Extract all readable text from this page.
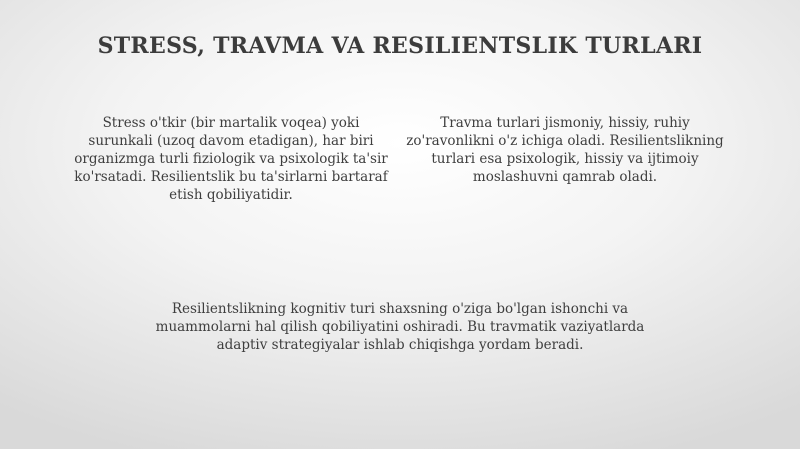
STRESS, TRAVMA VA RESILIENTSLIK TURLARI

Stress o'tkir (bir martalik voqea) yoki surunkali (uzoq davom etadigan), har biri organizmga turli fiziologik va psixologik ta'sir ko'rsatadi. Resilientslik bu ta'sirlarni bartaraf etish qobiliyatidir.

Travma turlari jismoniy, hissiy, ruhiy zo'ravonlikni o'z ichiga oladi. Resilientslikning turlari esa psixologik, hissiy va ijtimoiy moslashuvni qamrab oladi.

Resilientslikning kognitiv turi shaxsning o'ziga bo'lgan ishonchi va muammolarni hal qilish qobiliyatini oshiradi. Bu travmatik vaziyatlarda adaptiv strategiyalar ishlab chiqishga yordam beradi.
